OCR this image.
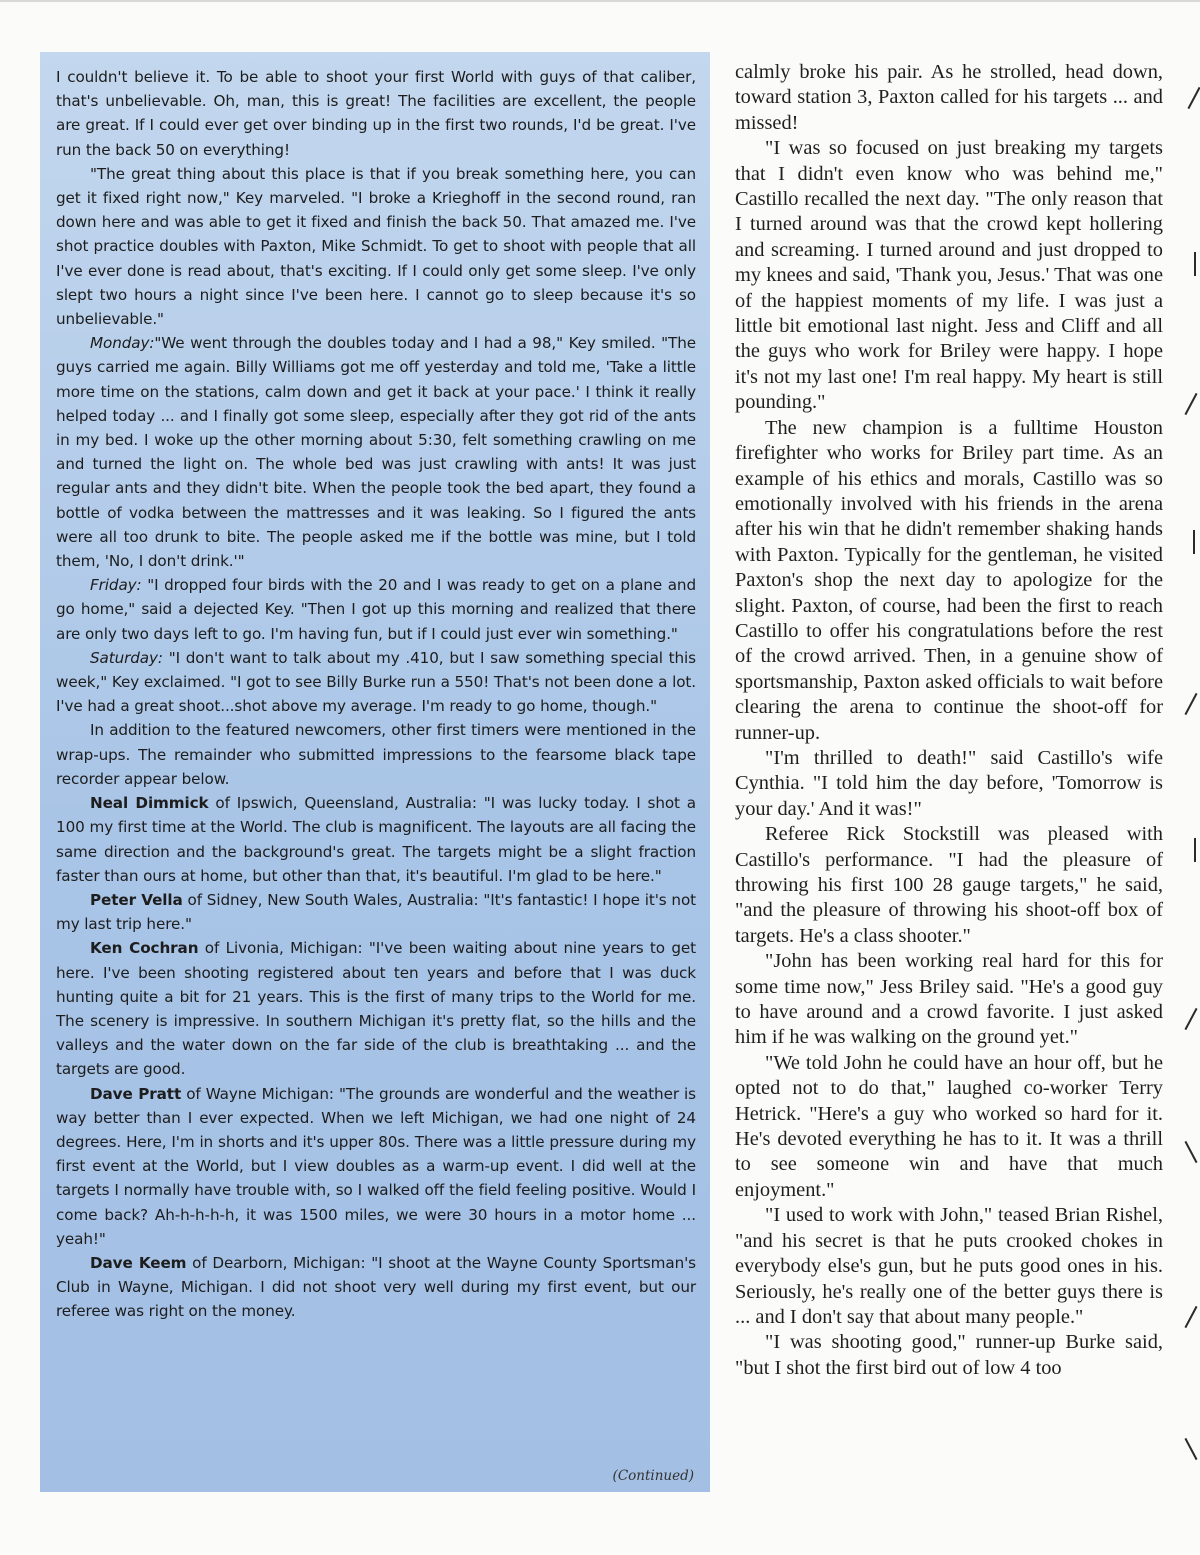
I couldn't believe it. To be able to shoot your first World with guys of that caliber, that's unbelievable. Oh, man, this is great! The facilities are excellent, the people are great. If I could ever get over binding up in the first two rounds, I'd be great. I've run the back 50 on everything!

"The great thing about this place is that if you break something here, you can get it fixed right now," Key marveled. "I broke a Krieghoff in the second round, ran down here and was able to get it fixed and finish the back 50. That amazed me. I've shot practice doubles with Paxton, Mike Schmidt. To get to shoot with people that all I've ever done is read about, that's exciting. If I could only get some sleep. I've only slept two hours a night since I've been here. I cannot go to sleep because it's so unbelievable."

Monday:"We went through the doubles today and I had a 98," Key smiled. "The guys carried me again. Billy Williams got me off yesterday and told me, 'Take a little more time on the stations, calm down and get it back at your pace.' I think it really helped today ... and I finally got some sleep, especially after they got rid of the ants in my bed. I woke up the other morning about 5:30, felt something crawling on me and turned the light on. The whole bed was just crawling with ants! It was just regular ants and they didn't bite. When the people took the bed apart, they found a bottle of vodka between the mattresses and it was leaking. So I figured the ants were all too drunk to bite. The people asked me if the bottle was mine, but I told them, 'No, I don't drink.'"

Friday: "I dropped four birds with the 20 and I was ready to get on a plane and go home," said a dejected Key. "Then I got up this morning and realized that there are only two days left to go. I'm having fun, but if I could just ever win something."

Saturday: "I don't want to talk about my .410, but I saw something special this week," Key exclaimed. "I got to see Billy Burke run a 550! That's not been done a lot. I've had a great shoot...shot above my average. I'm ready to go home, though."

In addition to the featured newcomers, other first timers were mentioned in the wrap-ups. The remainder who submitted impressions to the fearsome black tape recorder appear below.

Neal Dimmick of Ipswich, Queensland, Australia: "I was lucky today. I shot a 100 my first time at the World. The club is magnificent. The layouts are all facing the same direction and the background's great. The targets might be a slight fraction faster than ours at home, but other than that, it's beautiful. I'm glad to be here."

Peter Vella of Sidney, New South Wales, Australia: "It's fantastic! I hope it's not my last trip here."

Ken Cochran of Livonia, Michigan: "I've been waiting about nine years to get here. I've been shooting registered about ten years and before that I was duck hunting quite a bit for 21 years. This is the first of many trips to the World for me. The scenery is impressive. In southern Michigan it's pretty flat, so the hills and the valleys and the water down on the far side of the club is breathtaking ... and the targets are good.

Dave Pratt of Wayne Michigan: "The grounds are wonderful and the weather is way better than I ever expected. When we left Michigan, we had one night of 24 degrees. Here, I'm in shorts and it's upper 80s. There was a little pressure during my first event at the World, but I view doubles as a warm-up event. I did well at the targets I normally have trouble with, so I walked off the field feeling positive. Would I come back? Ah-h-h-h-h, it was 1500 miles, we were 30 hours in a motor home ... yeah!"

Dave Keem of Dearborn, Michigan: "I shoot at the Wayne County Sportsman's Club in Wayne, Michigan. I did not shoot very well during my first event, but our referee was right on the money.

(Continued)

calmly broke his pair. As he strolled, head down, toward station 3, Paxton called for his targets ... and missed!

"I was so focused on just breaking my targets that I didn't even know who was behind me," Castillo recalled the next day. "The only reason that I turned around was that the crowd kept hollering and screaming. I turned around and just dropped to my knees and said, 'Thank you, Jesus.' That was one of the happiest moments of my life. I was just a little bit emotional last night. Jess and Cliff and all the guys who work for Briley were happy. I hope it's not my last one! I'm real happy. My heart is still pounding."

The new champion is a fulltime Houston firefighter who works for Briley part time. As an example of his ethics and morals, Castillo was so emotionally involved with his friends in the arena after his win that he didn't remember shaking hands with Paxton. Typically for the gentleman, he visited Paxton's shop the next day to apologize for the slight. Paxton, of course, had been the first to reach Castillo to offer his congratulations before the rest of the crowd arrived. Then, in a genuine show of sportsmanship, Paxton asked officials to wait before clearing the arena to continue the shoot-off for runner-up.

"I'm thrilled to death!" said Castillo's wife Cynthia. "I told him the day before, 'Tomorrow is your day.' And it was!"

Referee Rick Stockstill was pleased with Castillo's performance. "I had the pleasure of throwing his first 100 28 gauge targets," he said, "and the pleasure of throwing his shoot-off box of targets. He's a class shooter."

"John has been working real hard for this for some time now," Jess Briley said. "He's a good guy to have around and a crowd favorite. I just asked him if he was walking on the ground yet."

"We told John he could have an hour off, but he opted not to do that," laughed co-worker Terry Hetrick. "Here's a guy who worked so hard for it. He's devoted everything he has to it. It was a thrill to see someone win and have that much enjoyment."

"I used to work with John," teased Brian Rishel, "and his secret is that he puts crooked chokes in everybody else's gun, but he puts good ones in his. Seriously, he's really one of the better guys there is ... and I don't say that about many people."

"I was shooting good," runner-up Burke said, "but I shot the first bird out of low 4 too
